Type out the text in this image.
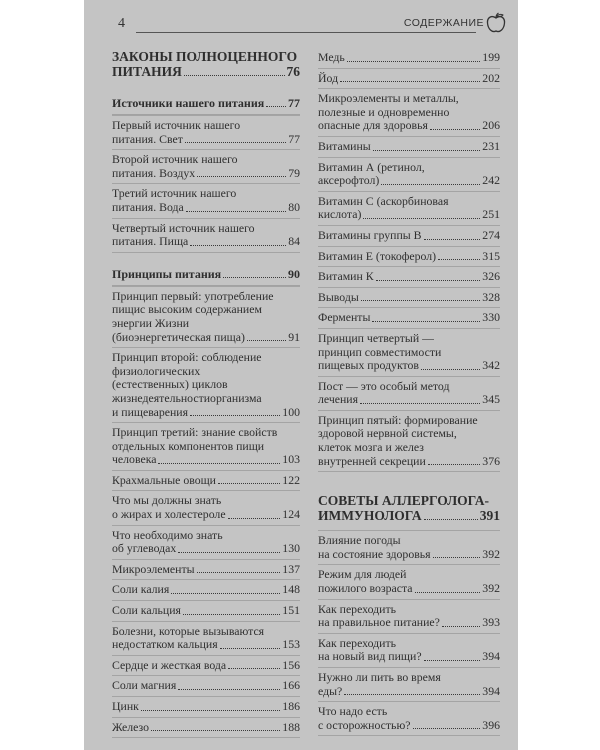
4	СОДЕРЖАНИЕ
ЗАКОНЫ ПОЛНОЦЕННОГО
ПИТАНИЯ	76
Источники нашего питания 77
Первый источник нашего
питания. Свет	77
Второй источник нашего
питания. Воздух	79
Третий источник нашего
питания. Вода	80
Четвертый источник нашего
питания. Пища	84
Принципы питания	90
Принцип первый: употребление
пищис высоким содержанием
энергии Жизни
(биоэнергетическая пища)	91
Принцип второй: соблюдение
физиологических
(естественных) циклов
жизнедеятельностиорганизма
и пищеварения	100
Принцип третий: знание свойств
отдельных компонентов пищи
человека	103
Крахмальные овощи	122
Что мы должны знать
о жирах и холестероле	124
Что необходимо знать
об углеводах	130
Микроэлементы	137
Соли калия	148
Соли кальция	151
Болезни, которые вызываются
недостатком кальция	153
Сердце и жесткая вода	156
Соли магния	166
Цинк	186
Железо	188
Медь	199
Йод	202
Микроэлементы и металлы,
полезные и одновременно
опасные для здоровья	206
Витамины	231
Витамин А (ретинол,
аксерофтол)	242
Витамин С (аскорбиновая
кислота)	251
Витамины группы В	274
Витамин Е (токоферол)	315
Витамин К	326
Выводы	328
Ферменты	330
Принцип четвертый —
принцип совместимости
пищевых продуктов	342
Пост — это особый метод
лечения	345
Принцип пятый: формирование
здоровой нервной системы,
клеток мозга и желез
внутренней секреции	376
СОВЕТЫ АЛЛЕРГОЛОГА-
ИММУНОЛОГА	391
Влияние погоды
на состояние здоровья	392
Режим для людей
пожилого возраста	392
Как переходить
на правильное питание?	393
Как переходить
на новый вид пищи?	394
Нужно ли пить во время
еды?	394
Что надо есть
с осторожностью?	396
